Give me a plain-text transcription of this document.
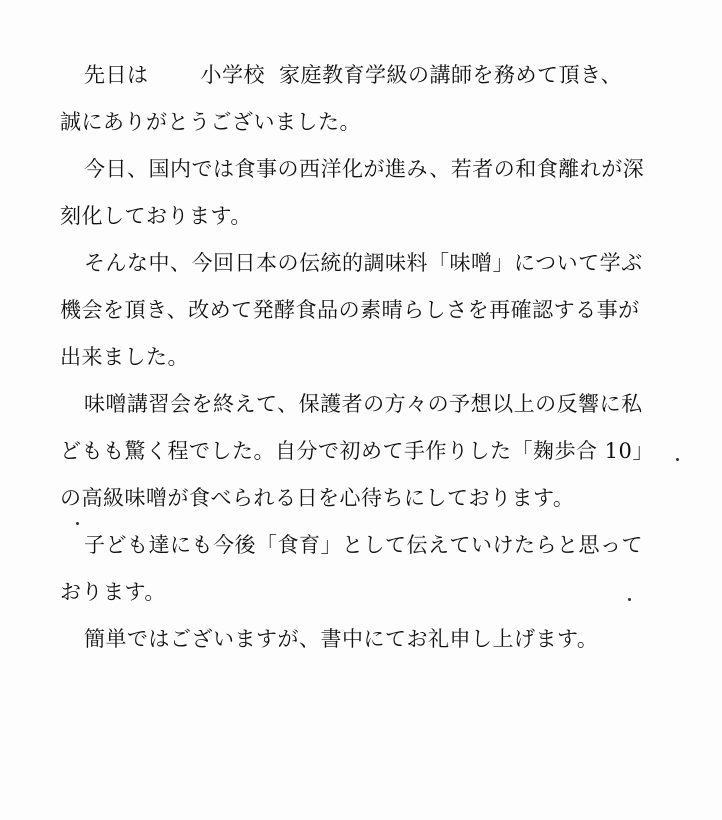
先日は 小学校 家庭教育学級の講師を務めて頂き、
誠にありがとうございました。
今日、国内では食事の西洋化が進み、若者の和食離れが深
刻化しております。
そんな中、今回日本の伝統的調味料「味噌」について学ぶ
機会を頂き、改めて発酵食品の素晴らしさを再確認する事が
出来ました。
味噌講習会を終えて、保護者の方々の予想以上の反響に私
どもも驚く程でした。自分で初めて手作りした「麹歩合 10」
の高級味噌が食べられる日を心待ちにしております。
子ども達にも今後「食育」として伝えていけたらと思って
おります。
簡単ではございますが、書中にてお礼申し上げます。
